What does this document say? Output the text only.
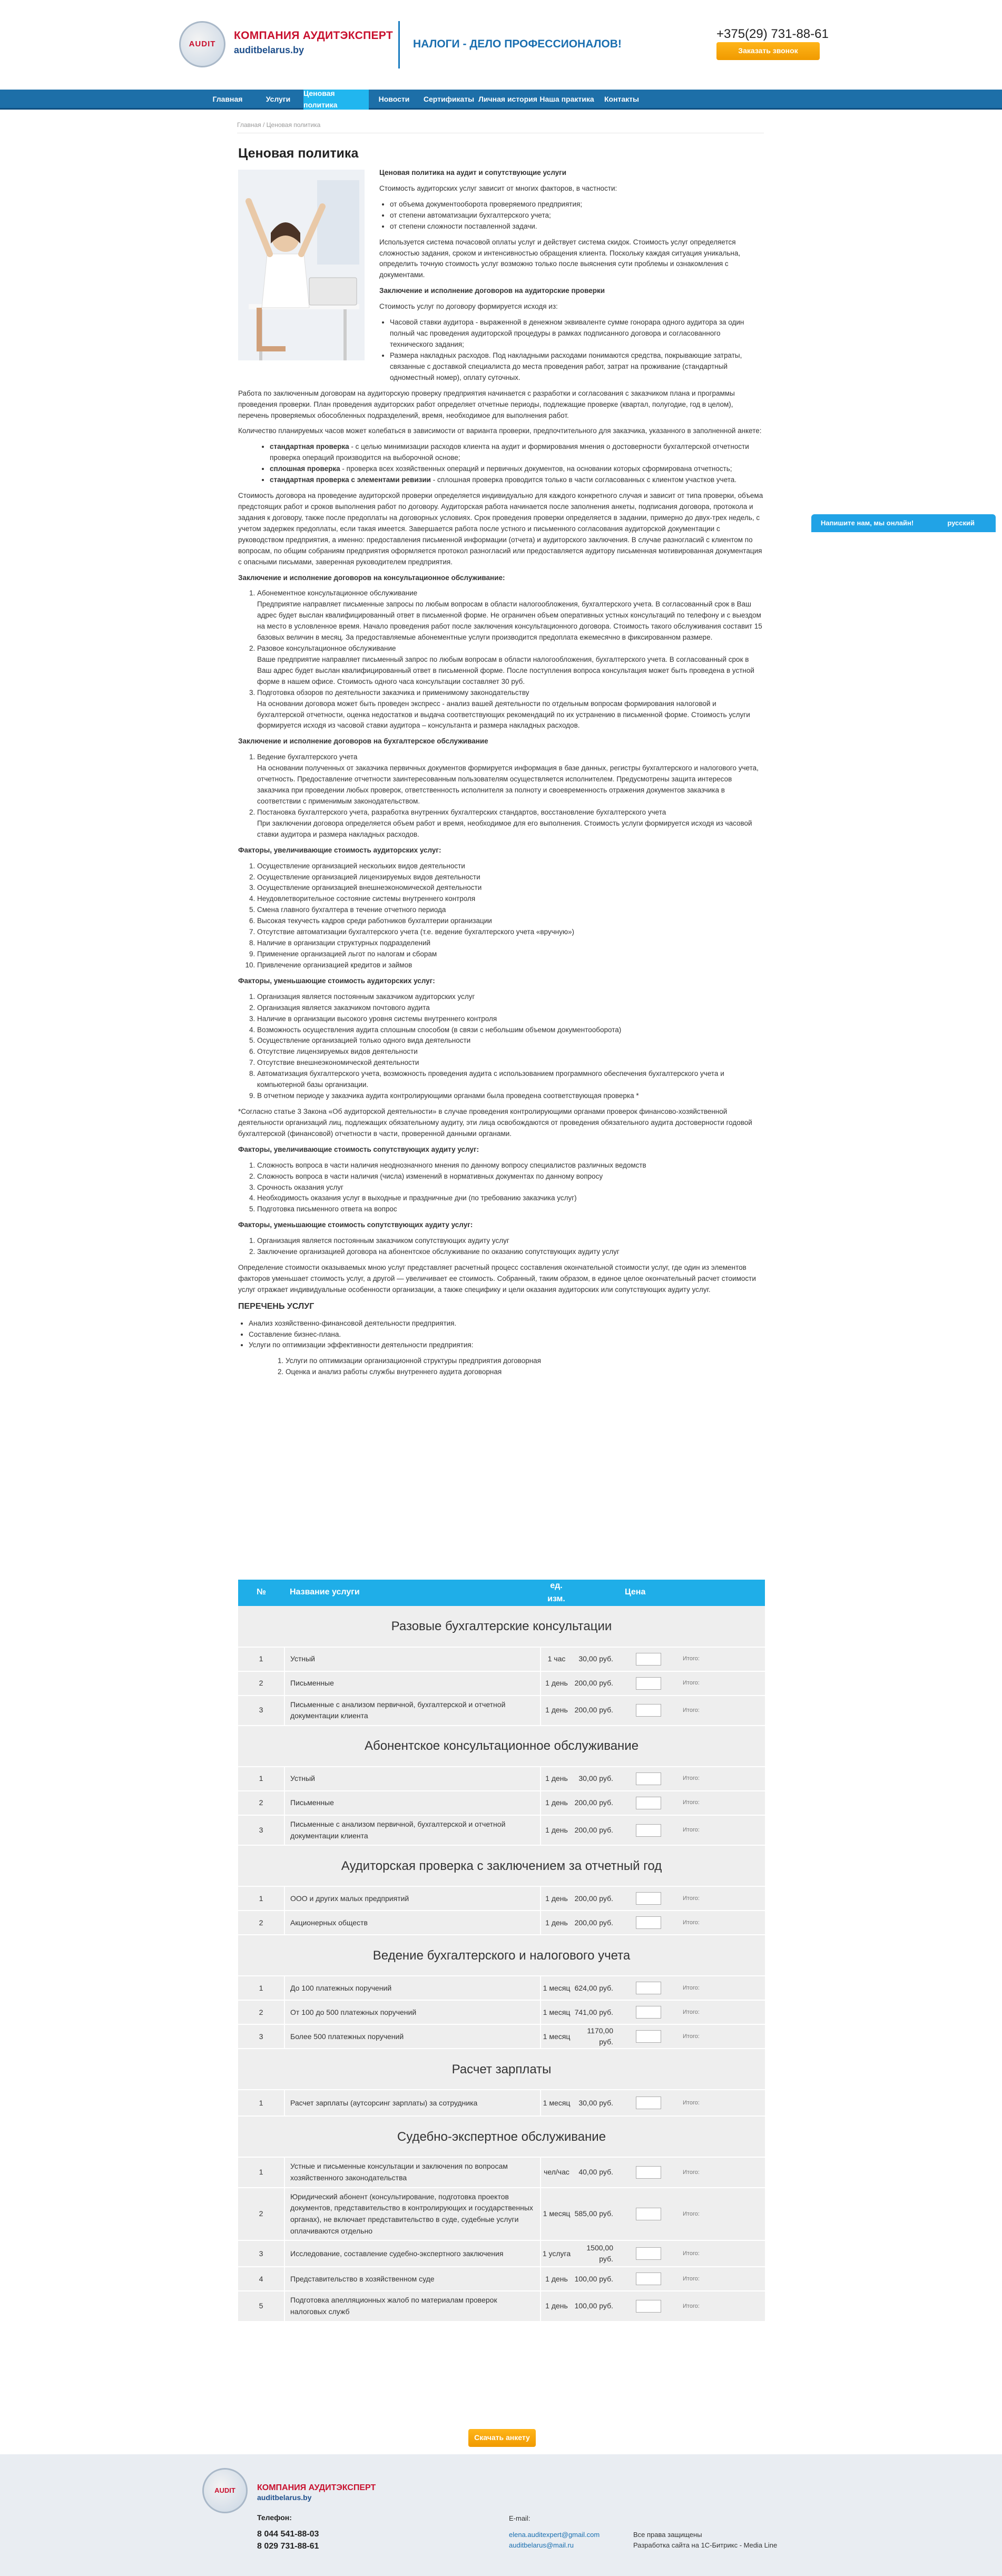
AUDIT
КОМПАНИЯ АУДИТЭКСПЕРТ
auditbelarus.by	НАЛОГИ - ДЕЛО ПРОФЕССИОНАЛОВ!
+375(29) 731-88-61
Заказать звонок
Главная	Услуги
Ценовая политика
Новости	Сертификаты Личная история Наша практика	Контакты
Главная / Ценовая политика
Ценовая политика

Ценовая политика на аудит и сопутствующие услуги

Стоимость аудиторских услуг зависит от многих факторов, в частности:

• от объема документооборота проверяемого предприятия;
• от степени автоматизации бухгалтерского учета;
• от степени сложности поставленной задачи.

Используется система почасовой оплаты услуг и действует система скидок. Стоимость услуг определяется сложностью задания, сроком и интенсивностью обращения клиента. Поскольку каждая ситуация уникальна, определить точную стоимость услуг возможно только после выяснения сути проблемы и ознакомления с документами.

Заключение и исполнение договоров на аудиторские проверки

Стоимость услуг по договору формируется исходя из:

• Часовой ставки аудитора - выраженной в денежном эквиваленте сумме гонорара одного аудитора за один полный час проведения аудиторской процедуры в рамках подписанного договора и согласованного технического задания;
• Размера накладных расходов. Под накладными расходами понимаются средства, покрывающие затраты, связанные с доставкой специалиста до места проведения работ, затрат на проживание (стандартный одноместный номер), оплату суточных.

Работа по заключенным договорам на аудиторскую проверку предприятия начинается с разработки и согласования с заказчиком плана и программы проведения проверки. План проведения аудиторских работ определяет отчетные периоды, подлежащие проверке (квартал, полугодие, год в целом), перечень проверяемых обособленных подразделений, время, необходимое для выполнения работ.

Количество планируемых часов может колебаться в зависимости от варианта проверки, предпочтительного для заказчика, указанного в заполненной анкете:

• стандартная проверка - с целью минимизации расходов клиента на аудит и формирования мнения о достоверности бухгалтерской отчетности проверка операций производится на выборочной основе;
• сплошная проверка - проверка всех хозяйственных операций и первичных документов, на основании которых сформирована отчетность;
• стандартная проверка с элементами ревизии - сплошная проверка проводится только в части согласованных с клиентом участков учета.

Стоимость договора на проведение аудиторской проверки определяется индивидуально для каждого конкретного случая и зависит от типа проверки, объема предстоящих работ и сроков выполнения работ по договору. Аудиторская работа начинается после заполнения анкеты, подписания договора, протокола и задания к договору, также после предоплаты на договорных условиях. Срок проведения проверки определяется в задании, примерно до двух-трех недель, с учетом задержек предоплаты, если такая имеется. Завершается работа после устного и письменного согласования аудиторской документации с руководством предприятия, а именно: предоставления письменной информации (отчета) и аудиторского заключения. В случае разногласий с клиентом по вопросам, по общим собраниям предприятия оформляется протокол разногласий или предоставляется аудитору письменная мотивированная документация с опасными письмами, заверенная руководителем предприятия.

Заключение и исполнение договоров на консультационное обслуживание:

1. Абонементное консультационное обслуживание
Предприятие направляет письменные запросы по любым вопросам в области налогообложения, бухгалтерского учета. В согласованный срок в Ваш адрес будет выслан квалифицированный ответ в письменной форме. Не ограничен объем оперативных устных консультаций по телефону и с выездом на место в условленное время. Начало проведения работ после заключения консультационного договора. Стоимость такого обслуживания составит 15 базовых величин в месяц. За предоставляемые абонементные услуги производится предоплата ежемесячно в фиксированном размере.
2. Разовое консультационное обслуживание
Ваше предприятие направляет письменный запрос по любым вопросам в области налогообложения, бухгалтерского учета. В согласованный срок в Ваш адрес будет выслан квалифицированный ответ в письменной форме. После поступления вопроса консультация может быть проведена в устной форме в нашем офисе. Стоимость одного часа консультации составляет 30 руб.
3. Подготовка обзоров по деятельности заказчика и применимому законодательству
На основании договора может быть проведен экспресс - анализ вашей деятельности по отдельным вопросам формирования налоговой и бухгалтерской отчетности, оценка недостатков и выдача соответствующих рекомендаций по их устранению в письменной форме. Стоимость услуги формируется исходя из часовой ставки аудитора – консультанта и размера накладных расходов.

Заключение и исполнение договоров на бухгалтерское обслуживание

1. Ведение бухгалтерского учета
На основании полученных от заказчика первичных документов формируется информация в базе данных, регистры бухгалтерского и налогового учета, отчетность. Предоставление отчетности заинтересованным пользователям осуществляется исполнителем. Предусмотрены защита интересов заказчика при проведении любых проверок, ответственность исполнителя за полноту и своевременность отражения документов заказчика в соответствии с применимым законодательством.
2. Постановка бухгалтерского учета, разработка внутренних бухгалтерских стандартов, восстановление бухгалтерского учета
При заключении договора определяется объем работ и время, необходимое для его выполнения. Стоимость услуги формируется исходя из часовой ставки аудитора и размера накладных расходов.

Факторы, увеличивающие стоимость аудиторских услуг:

1. Осуществление организацией нескольких видов деятельности
2. Осуществление организацией лицензируемых видов деятельности
3. Осуществление организацией внешнеэкономической деятельности
4. Неудовлетворительное состояние системы внутреннего контроля
5. Смена главного бухгалтера в течение отчетного периода
6. Высокая текучесть кадров среди работников бухгалтерии организации
7. Отсутствие автоматизации бухгалтерского учета (т.е. ведение бухгалтерского учета «вручную»)
8. Наличие в организации структурных подразделений
9. Применение организацией льгот по налогам и сборам
10. Привлечение организацией кредитов и займов

Факторы, уменьшающие стоимость аудиторских услуг:

1. Организация является постоянным заказчиком аудиторских услуг
2. Организация является заказчиком почтового аудита
3. Наличие в организации высокого уровня системы внутреннего контроля
4. Возможность осуществления аудита сплошным способом (в связи с небольшим объемом документооборота)
5. Осуществление организацией только одного вида деятельности
6. Отсутствие лицензируемых видов деятельности
7. Отсутствие внешнеэкономической деятельности
8. Автоматизация бухгалтерского учета, возможность проведения аудита с использованием программного обеспечения бухгалтерского учета и компьютерной базы организации.
9. В отчетном периоде у заказчика аудита контролирующими органами была проведена соответствующая проверка *

*Согласно статье 3 Закона «Об аудиторской деятельности» в случае проведения контролирующими органами проверок финансово-хозяйственной деятельности организаций лиц, подлежащих обязательному аудиту, эти лица освобождаются от проведения обязательного аудита достоверности годовой бухгалтерской (финансовой) отчетности в части, проверенной данными органами.

Факторы, увеличивающие стоимость сопутствующих аудиту услуг:

1. Сложность вопроса в части наличия неоднозначного мнения по данному вопросу специалистов различных ведомств
2. Сложность вопроса в части наличия (числа) изменений в нормативных документах по данному вопросу
3. Срочность оказания услуг
4. Необходимость оказания услуг в выходные и праздничные дни (по требованию заказчика услуг)
5. Подготовка письменного ответа на вопрос

Факторы, уменьшающие стоимость сопутствующих аудиту услуг:

1. Организация является постоянным заказчиком сопутствующих аудиту услуг
2. Заключение организацией договора на абонентское обслуживание по оказанию сопутствующих аудиту услуг

Определение стоимости оказываемых мною услуг представляет расчетный процесс составления окончательной стоимости услуг, где один из элементов факторов уменьшает стоимость услуг, а другой — увеличивает ее стоимость. Собранный, таким образом, в единое целое окончательный расчет стоимости услуг отражает индивидуальные особенности организации, а также специфику и цели оказания аудиторских или сопутствующих аудиту услуг.

ПЕРЕЧЕНЬ УСЛУГ

• Анализ хозяйственно-финансовой деятельности предприятия.
• Составление бизнес-плана.
• Услуги по оптимизации эффективности деятельности предприятия:
1. Услуги по оптимизации организационной структуры предприятия договорная
2. Оценка и анализ работы службы внутреннего аудита договорная
Напишите нам, мы онлайн!	русский
№	Название услуги	ед. изм.	Цена		
Разовые бухгалтерские консультации					
1	Устный	1 час	30,00 руб.		Итого:
2	Письменные	1 день	200,00 руб.		Итого:
3	Письменные с анализом первичной, бухгалтерской и отчетной документации клиента	1 день	200,00 руб.		Итого:
Абонентское консультационное обслуживание					
1	Устный	1 день	30,00 руб.		Итого:
2	Письменные	1 день	200,00 руб.		Итого:
3	Письменные с анализом первичной, бухгалтерской и отчетной документации клиента	1 день	200,00 руб.		Итого:
Аудиторская проверка с заключением за отчетный год					
1	ООО и других малых предприятий	1 день	200,00 руб.		Итого:
2	Акционерных обществ	1 день	200,00 руб.		Итого:
Ведение бухгалтерского и налогового учета					
1	До 100 платежных поручений	1 месяц	624,00 руб.		Итого:
2	От 100 до 500 платежных поручений	1 месяц	741,00 руб.		Итого:
3	Более 500 платежных поручений	1 месяц	1170,00 руб.		Итого:
Расчет зарплаты					
1	Расчет зарплаты (аутсорсинг зарплаты) за сотрудника	1 месяц	30,00 руб.		Итого:
Судебно-экспертное обслуживание					
1	Устные и письменные консультации и заключения по вопросам хозяйственного законодательства	чел/час	40,00 руб.		Итого:
2	Юридический абонент (консультирование, подготовка проектов документов, представительство в контролирующих и государственных органах), не включает представительство в суде, судебные услуги оплачиваются отдельно	1 месяц	585,00 руб.		Итого:
3	Исследование, составление судебно-экспертного заключения	1 услуга	1500,00 руб.		Итого:
4	Представительство в хозяйственном суде	1 день	100,00 руб.		Итого:
5	Подготовка апелляционных жалоб по материалам проверок налоговых служб	1 день	100,00 руб.		Итого:
Скачать анкету
AUDIT	КОМПАНИЯ АУДИТЭКСПЕРТ
auditbelarus.by
Телефон:
8 044 541-88-03
8 029 731-88-61
E-mail:
elena.auditexpert@gmail.com
auditbelarus@mail.ru
Все права защищены
Разработка сайта на 1С-Битрикс - Media Line
